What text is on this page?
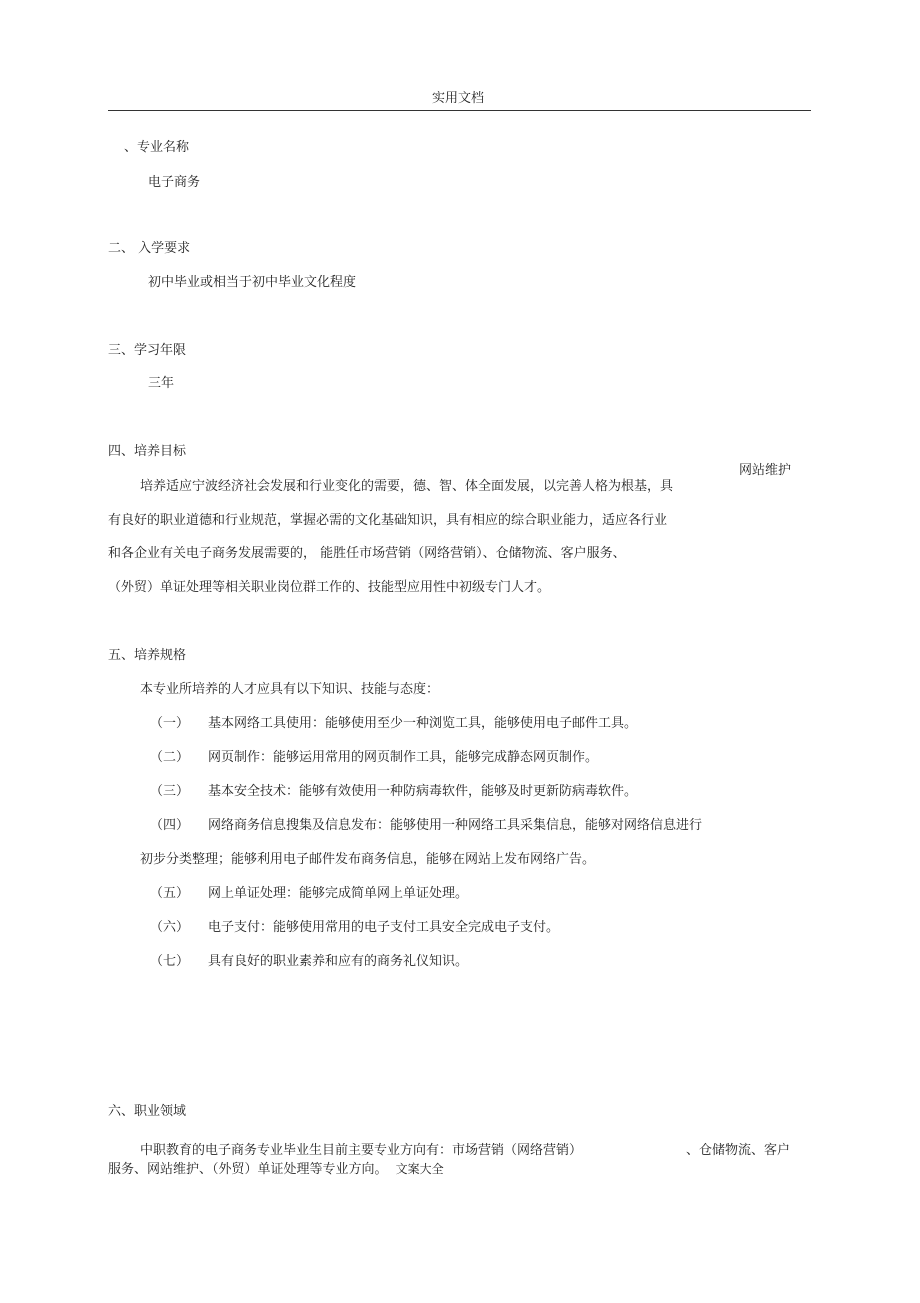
实用文档
、专业名称
电子商务
二、 入学要求
初中毕业或相当于初中毕业文化程度
三、学习年限
三年
四、培养目标
网站维护
培养适应宁波经济社会发展和行业变化的需要，德、智、体全面发展，以完善人格为根基，具
有良好的职业道德和行业规范，掌握必需的文化基础知识，具有相应的综合职业能力，适应各行业
和各企业有关电子商务发展需要的， 能胜任市场营销（网络营销）、仓储物流、客户服务、
（外贸）单证处理等相关职业岗位群工作的、技能型应用性中初级专门人才。
五、培养规格
本专业所培养的人才应具有以下知识、技能与态度：
（一） 基本网络工具使用：能够使用至少一种浏览工具，能够使用电子邮件工具。
（二） 网页制作：能够运用常用的网页制作工具，能够完成静态网页制作。
（三） 基本安全技术：能够有效使用一种防病毒软件，能够及时更新防病毒软件。
（四） 网络商务信息搜集及信息发布：能够使用一种网络工具采集信息，能够对网络信息进行
初步分类整理；能够利用电子邮件发布商务信息，能够在网站上发布网络广告。
（五） 网上单证处理：能够完成简单网上单证处理。
（六） 电子支付：能够使用常用的电子支付工具安全完成电子支付。
（七） 具有良好的职业素养和应有的商务礼仪知识。
六、职业领域
中职教育的电子商务专业毕业生目前主要专业方向有：市场营销（网络营销）	、仓储物流、客户
服务、网站维护、（外贸）单证处理等专业方向。 文案大全
